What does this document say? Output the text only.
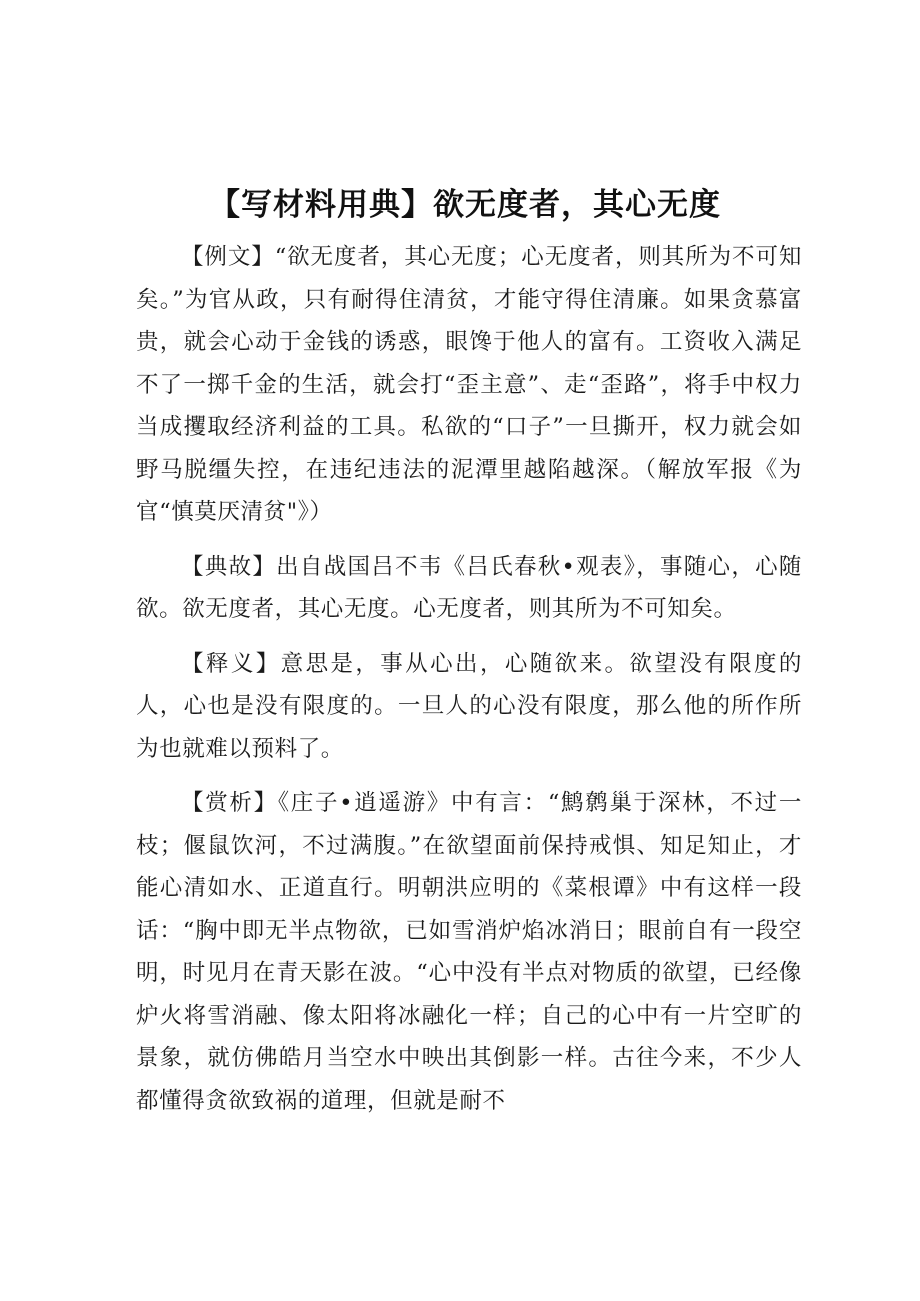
【写材料用典】欲无度者，其心无度

【例文】“欲无度者，其心无度；心无度者，则其所为不可知矣。”为官从政，只有耐得住清贫，才能守得住清廉。如果贪慕富贵，就会心动于金钱的诱惑，眼馋于他人的富有。工资收入满足不了一掷千金的生活，就会打“歪主意”、走“歪路”，将手中权力当成攫取经济利益的工具。私欲的“口子”一旦撕开，权力就会如野马脱缰失控，在违纪违法的泥潭里越陷越深。（解放军报《为官“慎莫厌清贫"》）

【典故】出自战国吕不韦《吕氏春秋•观表》，事随心，心随欲。欲无度者，其心无度。心无度者，则其所为不可知矣。

【释义】意思是，事从心出，心随欲来。欲望没有限度的人，心也是没有限度的。一旦人的心没有限度，那么他的所作所为也就难以预料了。

【赏析】《庄子•逍遥游》中有言：“鹪鹩巢于深林，不过一枝；偃鼠饮河，不过满腹。”在欲望面前保持戒惧、知足知止，才能心清如水、正道直行。明朝洪应明的《菜根谭》中有这样一段话：“胸中即无半点物欲，已如雪消炉焰冰消日；眼前自有一段空明，时见月在青天影在波。“心中没有半点对物质的欲望，已经像炉火将雪消融、像太阳将冰融化一样；自己的心中有一片空旷的景象，就仿佛皓月当空水中映出其倒影一样。古往今来，不少人都懂得贪欲致祸的道理，但就是耐不
